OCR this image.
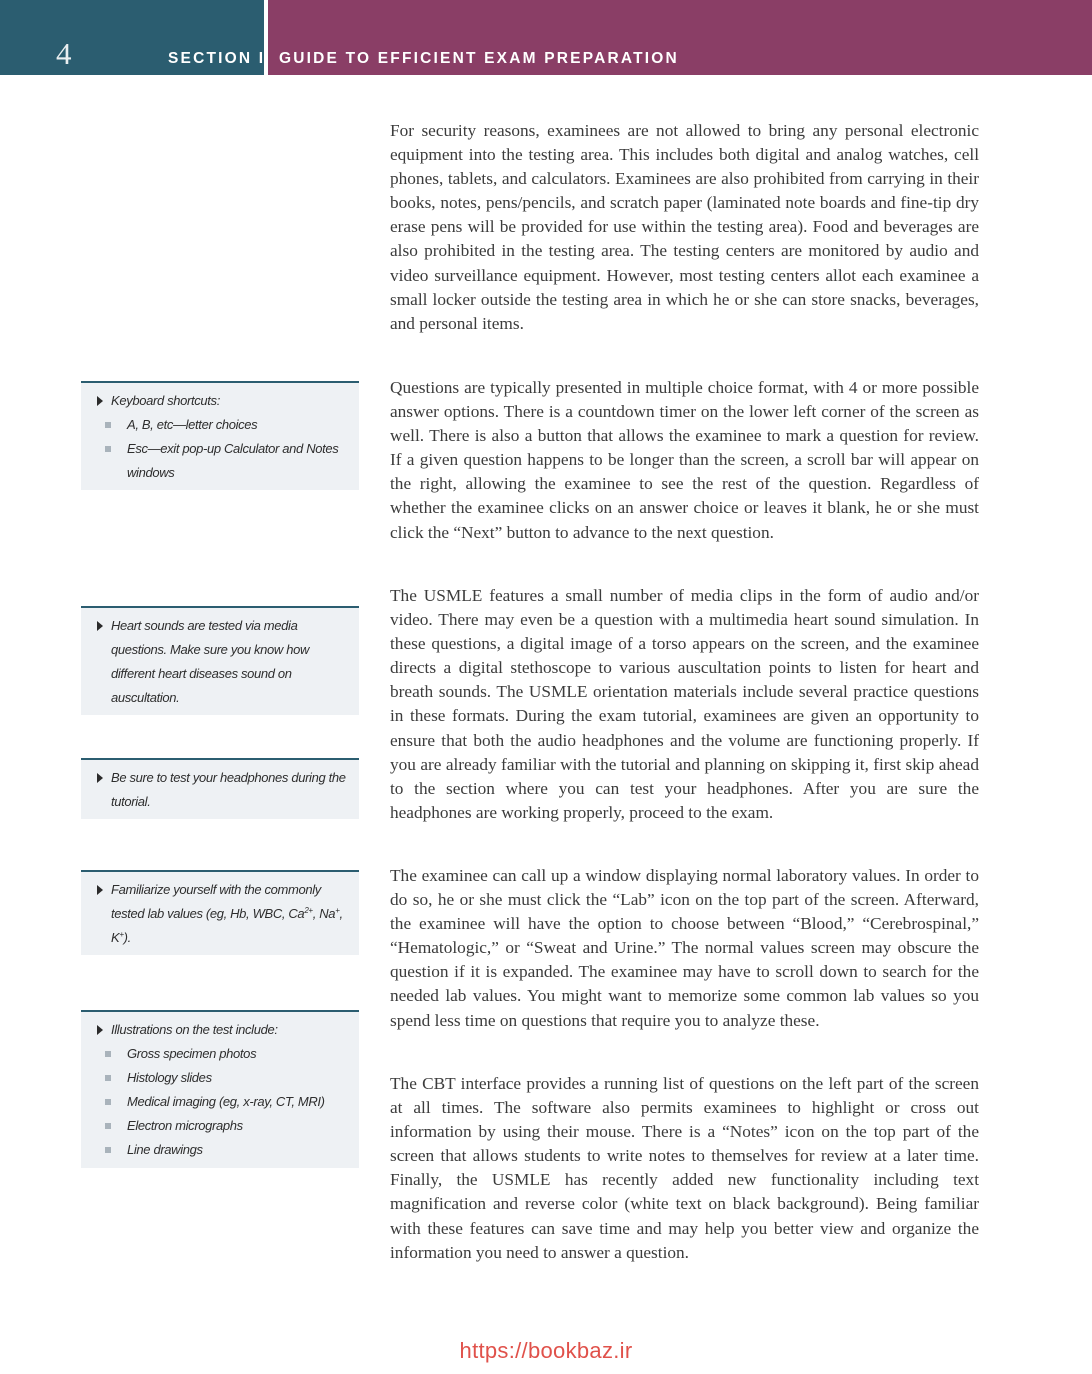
4	SECTION I GUIDE TO EFFICIENT EXAM PREPARATION

For security reasons, examinees are not allowed to bring any personal electronic equipment into the testing area. This includes both digital and analog watches, cell phones, tablets, and calculators. Examinees are also prohibited from carrying in their books, notes, pens/pencils, and scratch paper (laminated note boards and fine-tip dry erase pens will be provided for use within the testing area). Food and beverages are also prohibited in the testing area. The testing centers are monitored by audio and video surveillance equipment. However, most testing centers allot each examinee a small locker outside the testing area in which he or she can store snacks, beverages, and personal items.

Questions are typically presented in multiple choice format, with 4 or more possible answer options. There is a countdown timer on the lower left corner of the screen as well. There is also a button that allows the examinee to mark a question for review. If a given question happens to be longer than the screen, a scroll bar will appear on the right, allowing the examinee to see the rest of the question. Regardless of whether the examinee clicks on an answer choice or leaves it blank, he or she must click the “Next” button to advance to the next question.

The USMLE features a small number of media clips in the form of audio and/or video. There may even be a question with a multimedia heart sound simulation. In these questions, a digital image of a torso appears on the screen, and the examinee directs a digital stethoscope to various auscultation points to listen for heart and breath sounds. The USMLE orientation materials include several practice questions in these formats. During the exam tutorial, examinees are given an opportunity to ensure that both the audio headphones and the volume are functioning properly. If you are already familiar with the tutorial and planning on skipping it, first skip ahead to the section where you can test your headphones. After you are sure the headphones are working properly, proceed to the exam.

The examinee can call up a window displaying normal laboratory values. In order to do so, he or she must click the “Lab” icon on the top part of the screen. Afterward, the examinee will have the option to choose between “Blood,” “Cerebrospinal,” “Hematologic,” or “Sweat and Urine.” The normal values screen may obscure the question if it is expanded. The examinee may have to scroll down to search for the needed lab values. You might want to memorize some common lab values so you spend less time on questions that require you to analyze these.

The CBT interface provides a running list of questions on the left part of the screen at all times. The software also permits examinees to highlight or cross out information by using their mouse. There is a “Notes” icon on the top part of the screen that allows students to write notes to themselves for review at a later time. Finally, the USMLE has recently added new functionality including text magnification and reverse color (white text on black background). Being familiar with these features can save time and may help you better view and organize the information you need to answer a question.

Keyboard shortcuts:
A, B, etc—letter choices
Esc—exit pop-up Calculator and Notes windows
Heart sounds are tested via media questions. Make sure you know how different heart diseases sound on auscultation.
Be sure to test your headphones during the tutorial.
Familiarize yourself with the commonly tested lab values (eg, Hb, WBC, $Ca^{2+}$, Na+,
K+).
Illustrations on the test include:
Gross specimen photos
Histology slides
Medical imaging (eg, x-ray, CT, MRI)
Electron micrographs
Line drawings
https://bookbaz.ir
